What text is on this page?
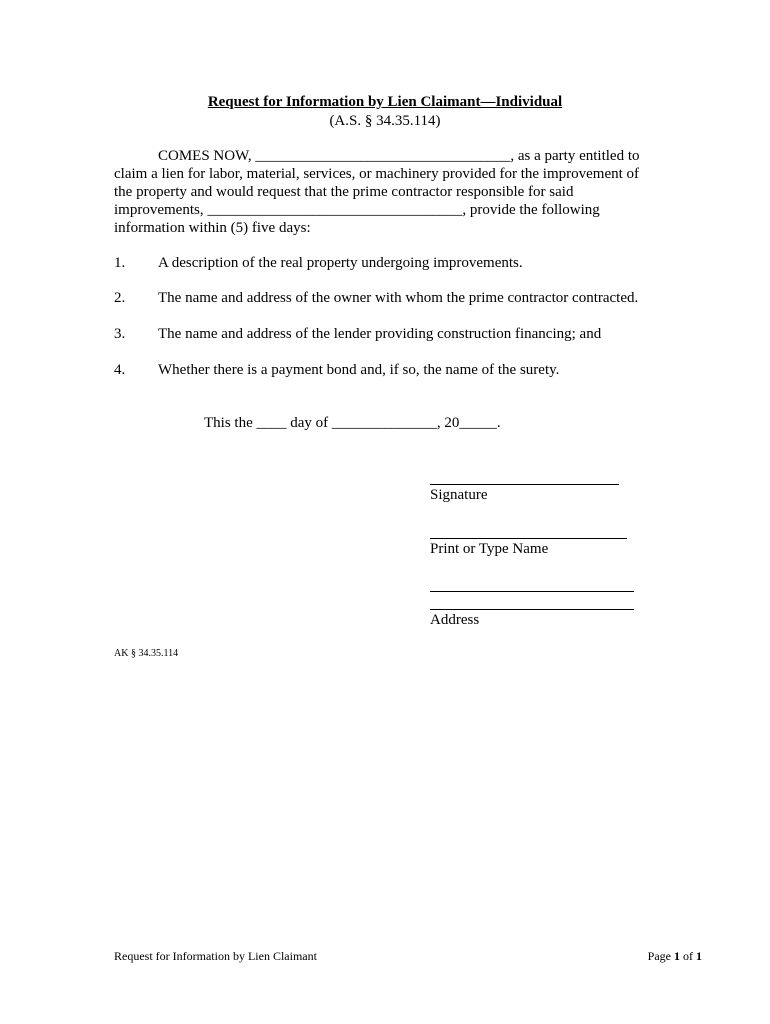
Request for Information by Lien Claimant—Individual
(A.S. § 34.35.114)
COMES NOW, __________________________________, as a party entitled to
claim a lien for labor, material, services, or machinery provided for the improvement of
the property and would request that the prime contractor responsible for said
improvements, __________________________________, provide the following
information within (5) five days:
1. A description of the real property undergoing improvements.
2. The name and address of the owner with whom the prime contractor contracted.
3. The name and address of the lender providing construction financing; and
4. Whether there is a payment bond and, if so, the name of the surety.
This the ____ day of ______________, 20_____.
Signature
Print or Type Name
Address
AK § 34.35.114
Request for Information by Lien Claimant	Page 1 of 1
